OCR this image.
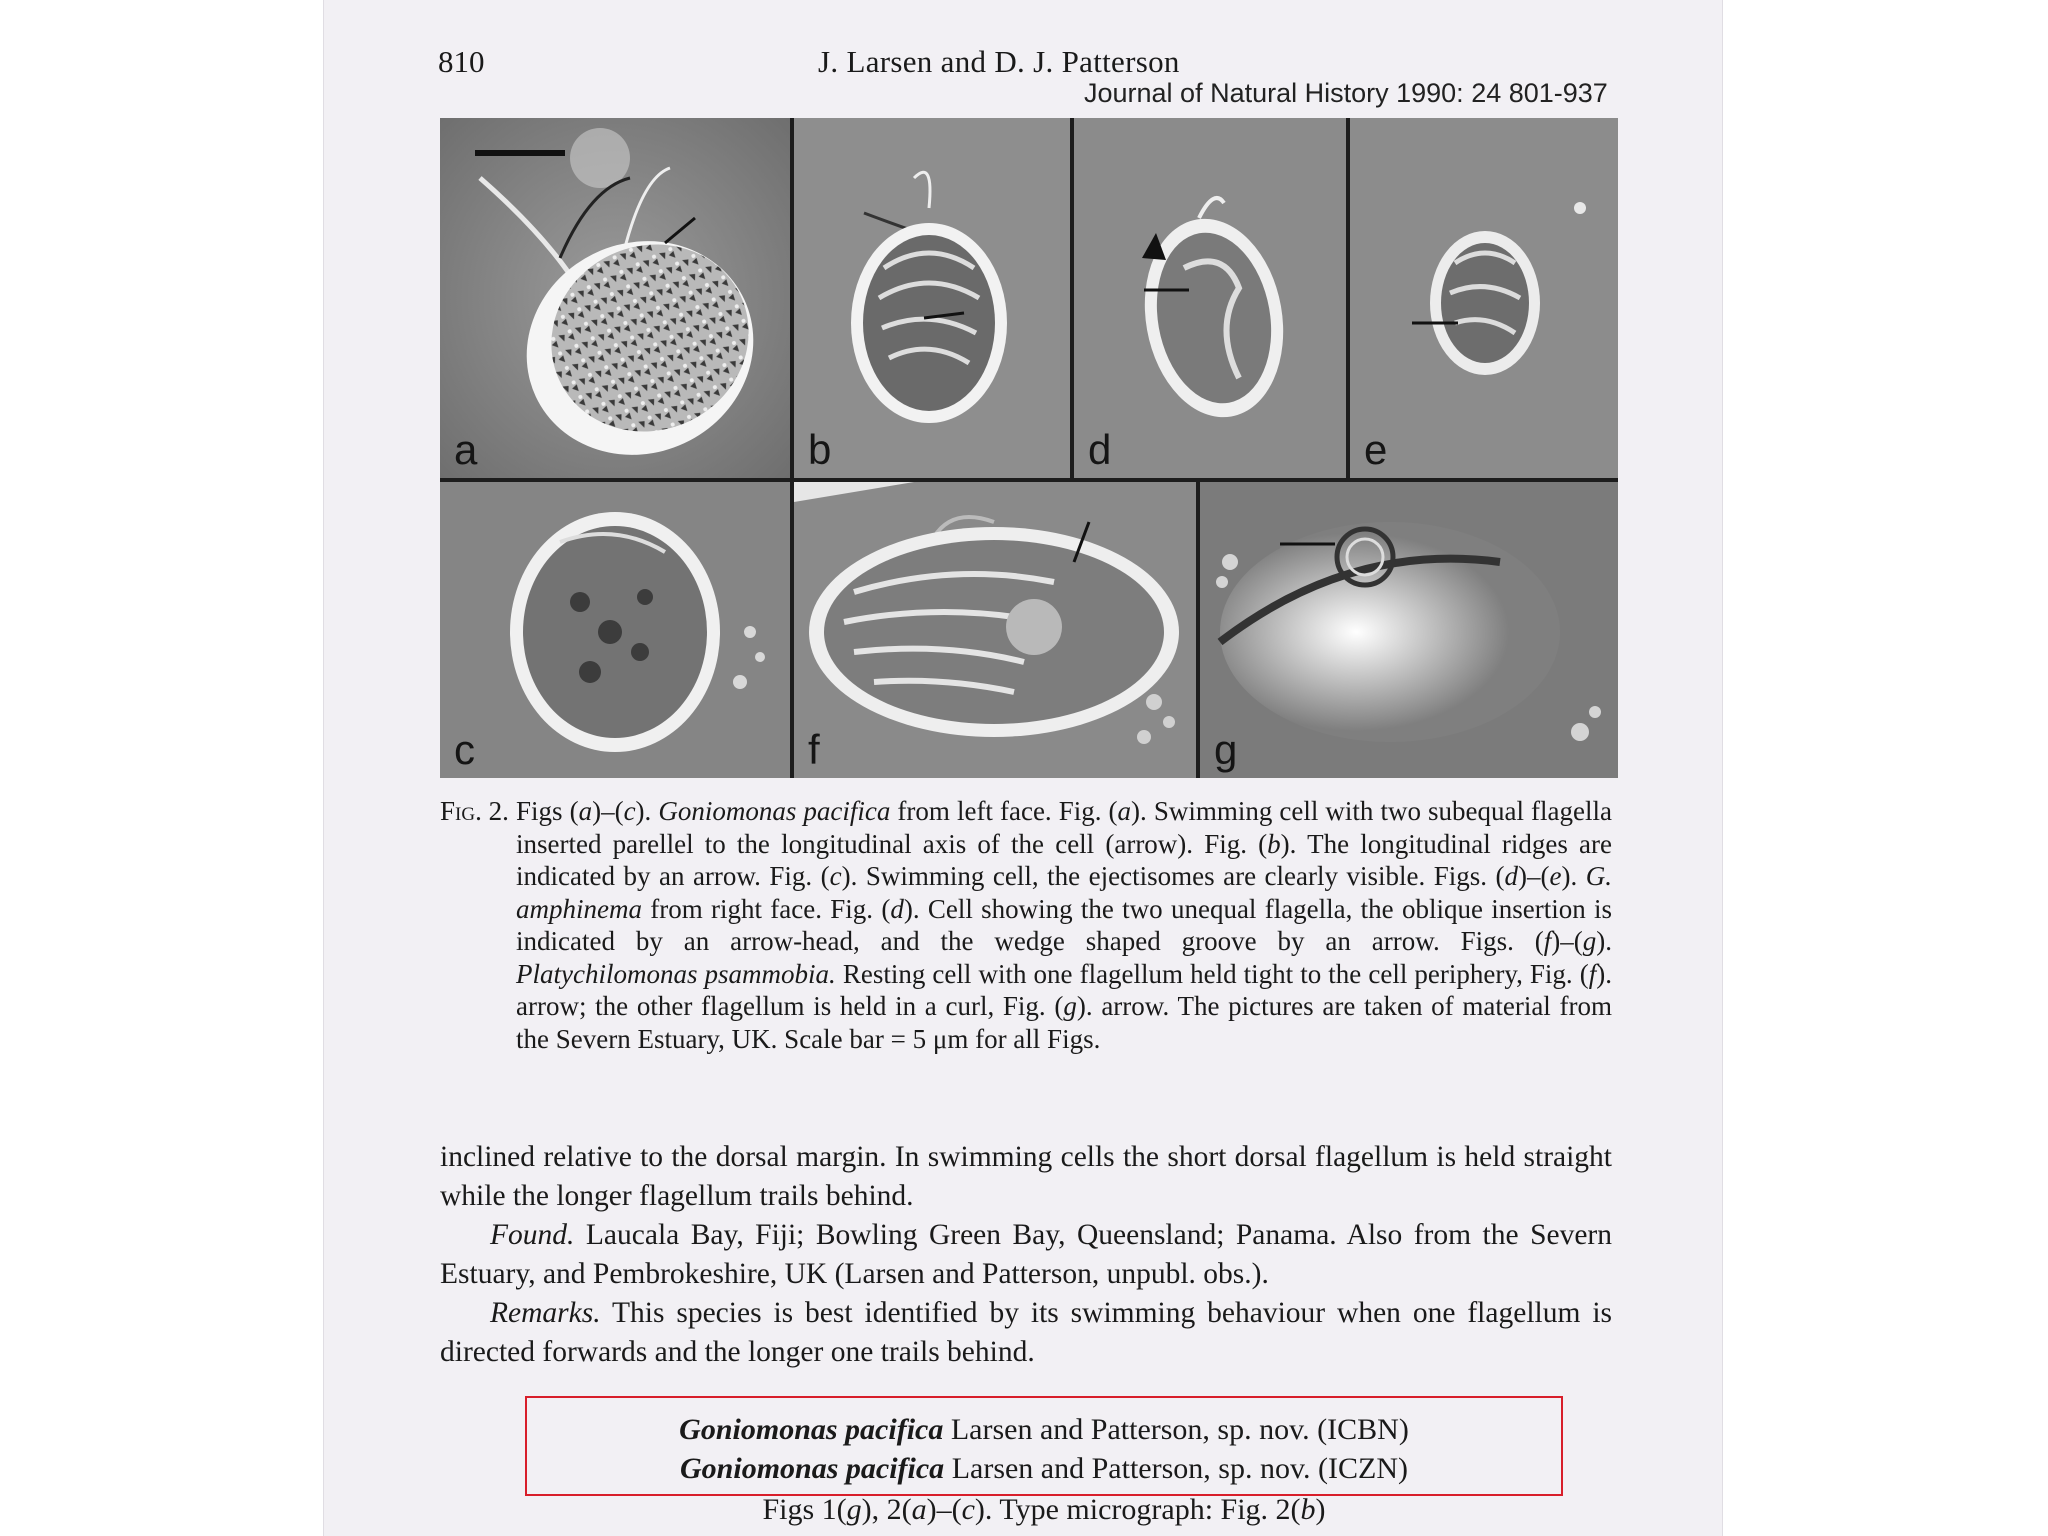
810	J. Larsen and D. J. Patterson
Journal of Natural History 1990: 24 801-937
a	b	d	e
c	f	g
Fig. 2. Figs (a)–(c). Goniomonas pacifica from left face. Fig. (a). Swimming cell with two subequal flagella inserted parellel to the longitudinal axis of the cell (arrow). Fig. (b). The longitudinal ridges are indicated by an arrow. Fig. (c). Swimming cell, the ejectisomes are clearly visible. Figs. (d)–(e). G. amphinema from right face. Fig. (d). Cell showing the two unequal flagella, the oblique insertion is indicated by an arrow-head, and the wedge shaped groove by an arrow. Figs. (f)–(g). Platychilomonas psammobia. Resting cell with one flagellum held tight to the cell periphery, Fig. (f). arrow; the other flagellum is held in a curl, Fig. (g). arrow. The pictures are taken of material from the Severn Estuary, UK. Scale bar = 5 μm for all Figs.

inclined relative to the dorsal margin. In swimming cells the short dorsal flagellum is held straight while the longer flagellum trails behind.

Found. Laucala Bay, Fiji; Bowling Green Bay, Queensland; Panama. Also from the Severn Estuary, and Pembrokeshire, UK (Larsen and Patterson, unpubl. obs.).

Remarks. This species is best identified by its swimming behaviour when one flagellum is directed forwards and the longer one trails behind.

Goniomonas pacifica Larsen and Patterson, sp. nov. (ICBN)
Goniomonas pacifica Larsen and Patterson, sp. nov. (ICZN)
Figs 1(g), 2(a)–(c). Type micrograph: Fig. 2(b)
